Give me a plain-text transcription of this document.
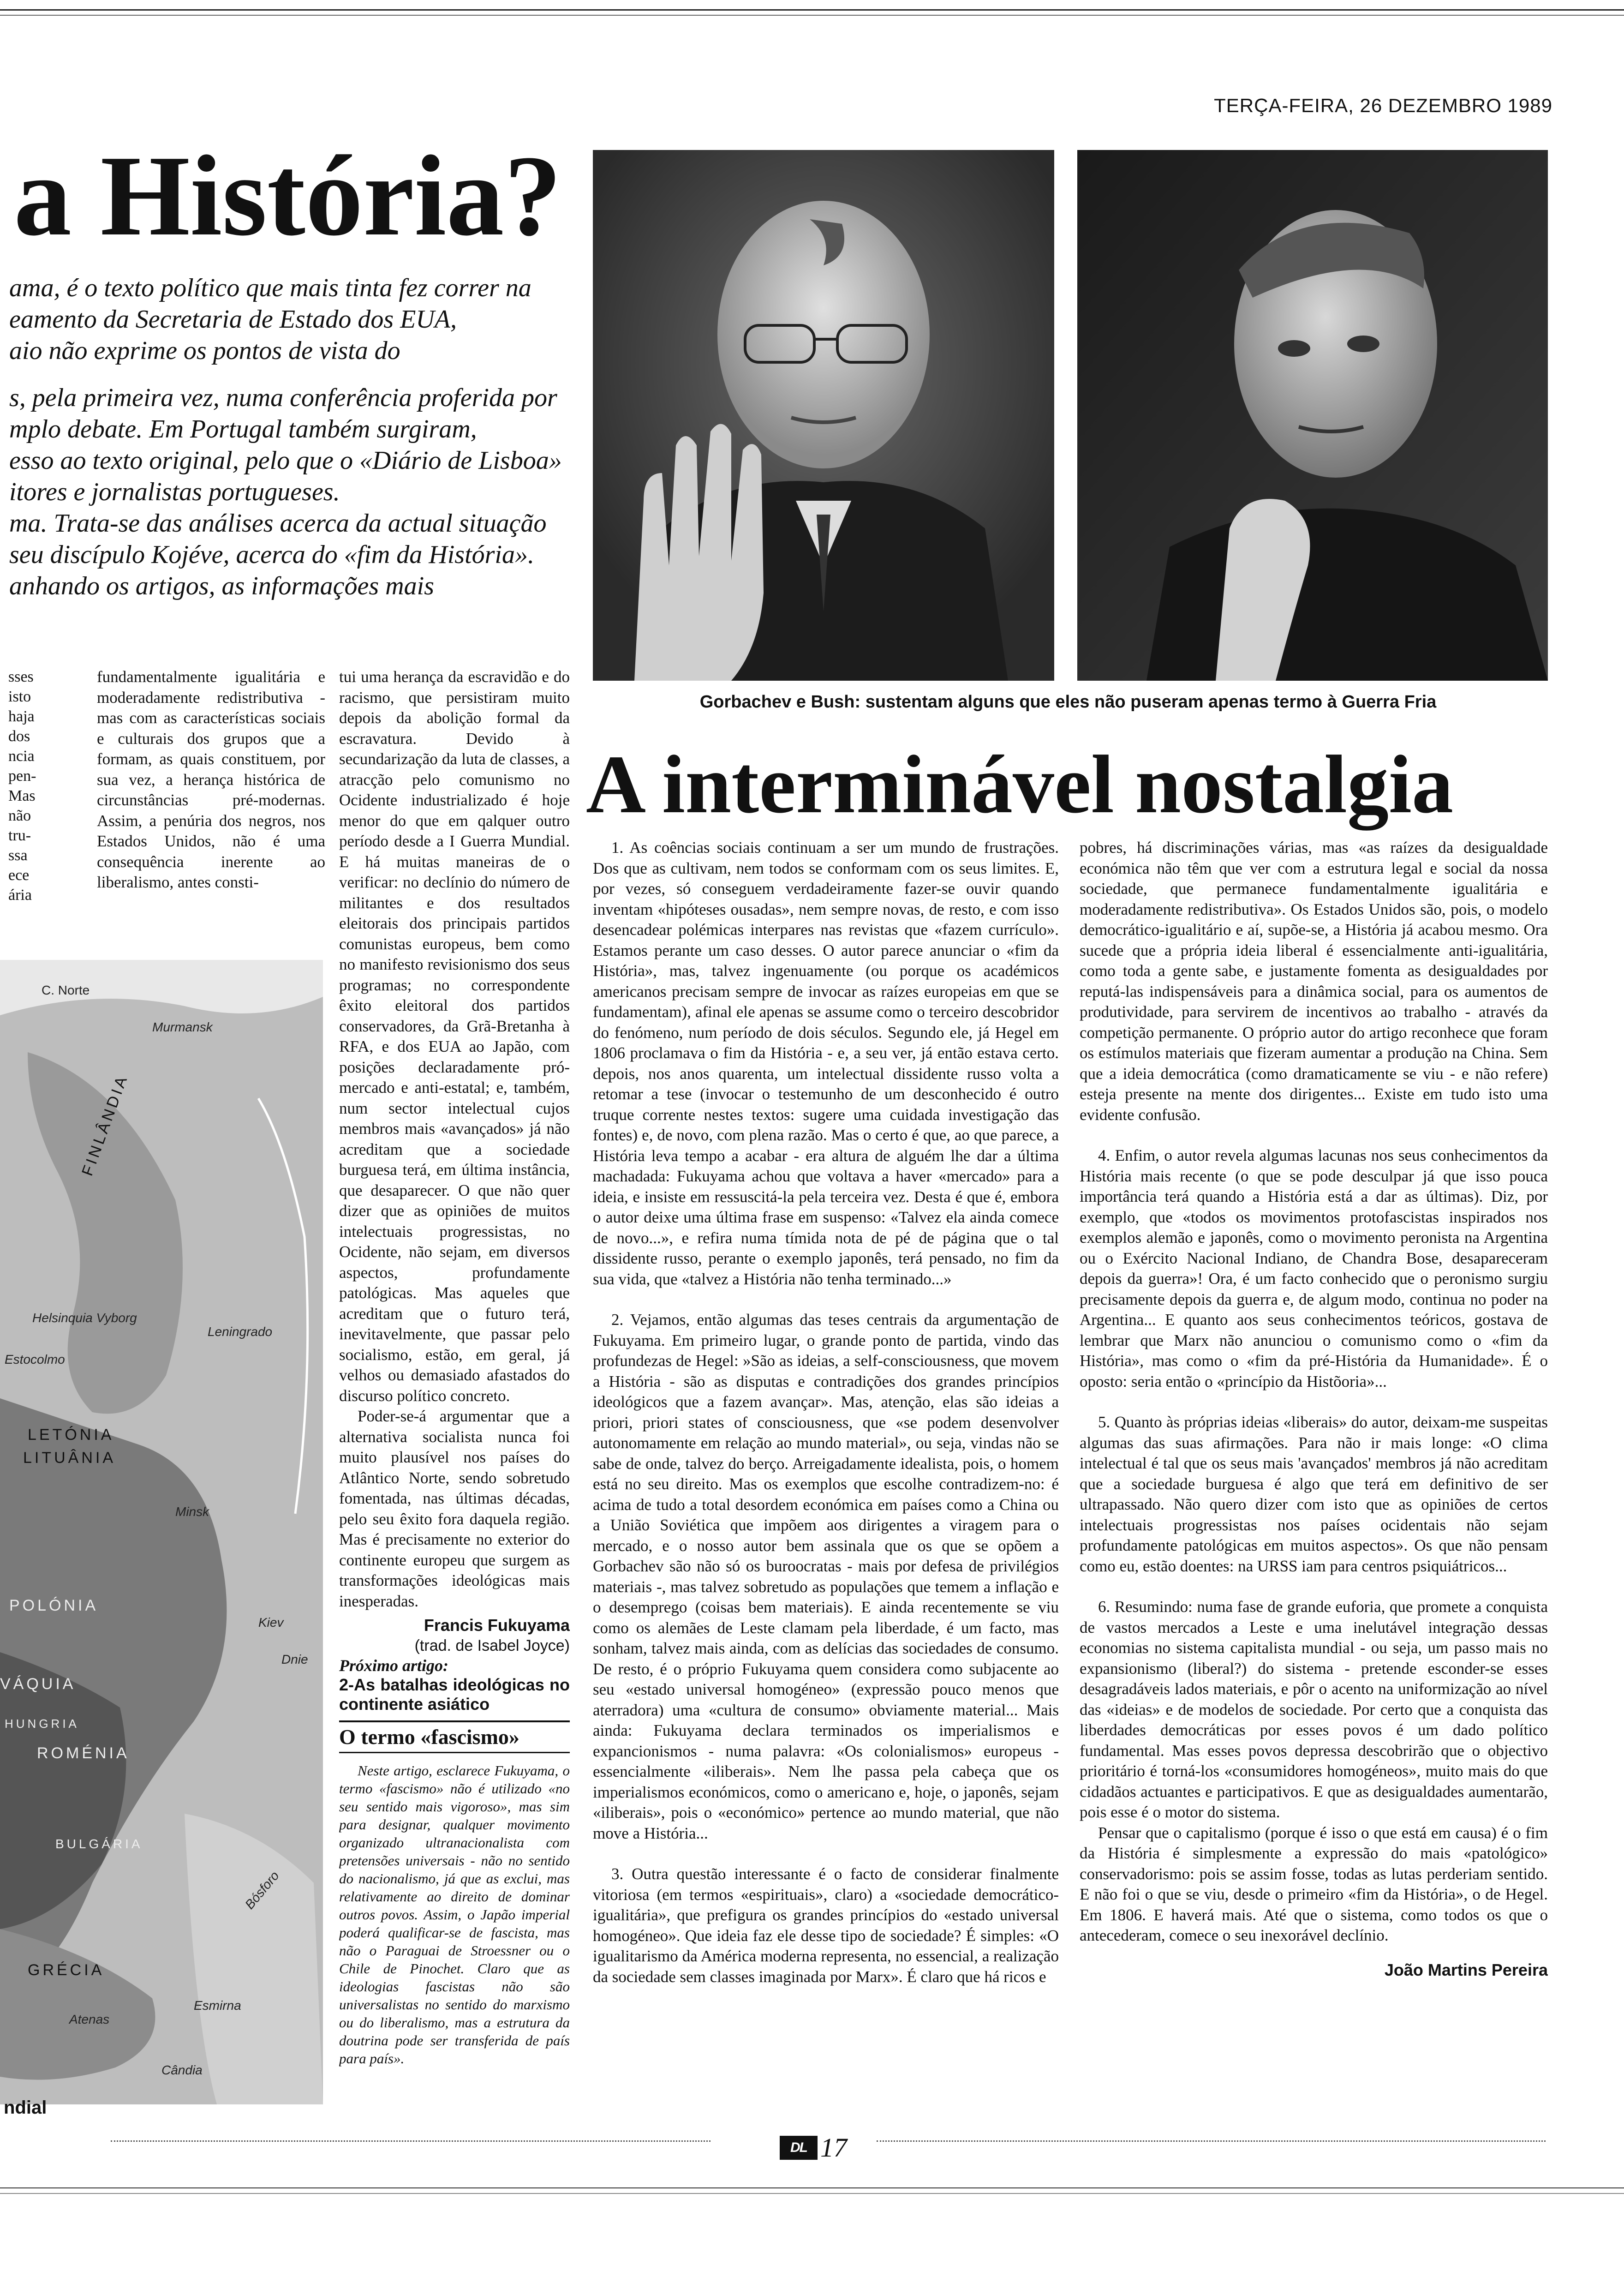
TERÇA-FEIRA, 26 DEZEMBRO 1989
a História?
ama, é o texto político que mais tinta fez correr na
eamento da Secretaria de Estado dos EUA,
aio não exprime os pontos de vista do
s, pela primeira vez, numa conferência proferida por
mplo debate. Em Portugal também surgiram,
esso ao texto original, pelo que o «Diário de Lisboa»
itores e jornalistas portugueses.
ma. Trata-se das análises acerca da actual situação
seu discípulo Kojéve, acerca do «fim da História».
anhando os artigos, as informações mais
Gorbachev e Bush: sustentam alguns que eles não puseram apenas termo à Guerra Fria
A interminável nostalgia
sses
isto
haja
dos
ncia
pen-
Mas
não
tru-
ssa
ece
ária

fundamentalmente igualitária e moderadamente redistributiva - mas com as características sociais e culturais dos grupos que a formam, as quais constituem, por sua vez, a herança histórica de circunstâncias pré-modernas. Assim, a penúria dos negros, nos Estados Unidos, não é uma consequência inerente ao liberalismo, antes consti-

C. Norte
Murmansk
FINLÂNDIA
Helsinquia Vyborg
Leningrado
Estocolmo
LETÓNIA
LITUÂNIA
Minsk
POLÓNIA
Kiev
Dnie
VÁQUIA
ROMÉNIA
HUNGRIA
BULGÁRIA
Bósforo
GRÉCIA
Atenas
Esmirna
Cândia
ndial

tui uma herança da escravidão e do racismo, que persistiram muito depois da abolição formal da escravatura. Devido à secundarização da luta de classes, a atracção pelo comunismo no Ocidente industrializado é hoje menor do que em qalquer outro período desde a I Guerra Mundial. E há muitas maneiras de o verificar: no declínio do número de militantes e dos resultados eleitorais dos principais partidos comunistas europeus, bem como no manifesto revisionismo dos seus programas; no correspondente êxito eleitoral dos partidos conservadores, da Grã-Bretanha à RFA, e dos EUA ao Japão, com posições declaradamente pró-mercado e anti-estatal; e, também, num sector intelectual cujos membros mais «avançados» já não acreditam que a sociedade burguesa terá, em última instância, que desaparecer. O que não quer dizer que as opiniões de muitos intelectuais progressistas, no Ocidente, não sejam, em diversos aspectos, profundamente patológicas. Mas aqueles que acreditam que o futuro terá, inevitavelmente, que passar pelo socialismo, estão, em geral, já velhos ou demasiado afastados do discurso político concreto.

Poder-se-á argumentar que a alternativa socialista nunca foi muito plausível nos países do Atlântico Norte, sendo sobretudo fomentada, nas últimas décadas, pelo seu êxito fora daquela região. Mas é precisamente no exterior do continente europeu que surgem as transformações ideológicas mais inesperadas.

Francis Fukuyama
(trad. de Isabel Joyce)
Próximo artigo:
2-As batalhas ideológicas no continente asiático
O termo «fascismo»
Neste artigo, esclarece Fukuyama, o termo «fascismo» não é utilizado «no seu sentido mais vigoroso», mas sim para designar, qualquer movimento organizado ultranacionalista com pretensões universais - não no sentido do nacionalismo, já que as exclui, mas relativamente ao direito de dominar outros povos. Assim, o Japão imperial poderá qualificar-se de fascista, mas não o Paraguai de Stroessner ou o Chile de Pinochet. Claro que as ideologias fascistas não são universalistas no sentido do marxismo ou do liberalismo, mas a estrutura da doutrina pode ser transferida de país para país».

1. As coências sociais continuam a ser um mundo de frustrações. Dos que as cultivam, nem todos se conformam com os seus limites. E, por vezes, só conseguem verdadeiramente fazer-se ouvir quando inventam «hipóteses ousadas», nem sempre novas, de resto, e com isso desencadear polémicas interpares nas revistas que «fazem currículo». Estamos perante um caso desses. O autor parece anunciar o «fim da História», mas, talvez ingenuamente (ou porque os académicos americanos precisam sempre de invocar as raízes europeias em que se fundamentam), afinal ele apenas se assume como o terceiro descobridor do fenómeno, num período de dois séculos. Segundo ele, já Hegel em 1806 proclamava o fim da História - e, a seu ver, já então estava certo. depois, nos anos quarenta, um intelectual dissidente russo volta a retomar a tese (invocar o testemunho de um desconhecido é outro truque corrente nestes textos: sugere uma cuidada investigação das fontes) e, de novo, com plena razão. Mas o certo é que, ao que parece, a História leva tempo a acabar - era altura de alguém lhe dar a última machadada: Fukuyama achou que voltava a haver «mercado» para a ideia, e insiste em ressuscitá-la pela terceira vez. Desta é que é, embora o autor deixe uma última frase em suspenso: «Talvez ela ainda comece de novo...», e refira numa tímida nota de pé de página que o tal dissidente russo, perante o exemplo japonês, terá pensado, no fim da sua vida, que «talvez a História não tenha terminado...»

2. Vejamos, então algumas das teses centrais da argumentação de Fukuyama. Em primeiro lugar, o grande ponto de partida, vindo das profundezas de Hegel: »São as ideias, a self-consciousness, que movem a História - são as disputas e contradições dos grandes princípios ideológicos que a fazem avançar». Mas, atenção, elas são ideias a priori, priori states of consciousness, que «se podem desenvolver autonomamente em relação ao mundo material», ou seja, vindas não se sabe de onde, talvez do berço. Arreigadamente idealista, pois, o homem está no seu direito. Mas os exemplos que escolhe contradizem-no: é acima de tudo a total desordem económica em países como a China ou a União Soviética que impõem aos dirigentes a viragem para o mercado, e o nosso autor bem assinala que os que se opõem a Gorbachev são não só os buroocratas - mais por defesa de privilégios materiais -, mas talvez sobretudo as populações que temem a inflação e o desemprego (coisas bem materiais). E ainda recentemente se viu como os alemães de Leste clamam pela liberdade, é um facto, mas sonham, talvez mais ainda, com as delícias das sociedades de consumo. De resto, é o próprio Fukuyama quem considera como subjacente ao seu «estado universal homogéneo» (expressão pouco menos que aterradora) uma «cultura de consumo» obviamente material... Mais ainda: Fukuyama declara terminados os imperialismos e expancionismos - numa palavra: «Os colonialismos» europeus - essencialmente «iliberais». Nem lhe passa pela cabeça que os imperialismos económicos, como o americano e, hoje, o japonês, sejam «iliberais», pois o «económico» pertence ao mundo material, que não move a História...

3. Outra questão interessante é o facto de considerar finalmente vitoriosa (em termos «espirituais», claro) a «sociedade democrático-igualitária», que prefigura os grandes princípios do «estado universal homogéneo». Que ideia faz ele desse tipo de sociedade? É simples: «O igualitarismo da América moderna representa, no essencial, a realização da sociedade sem classes imaginada por Marx». É claro que há ricos e

pobres, há discriminações várias, mas «as raízes da desigualdade económica não têm que ver com a estrutura legal e social da nossa sociedade, que permanece fundamentalmente igualitária e moderadamente redistributiva». Os Estados Unidos são, pois, o modelo democrático-igualitário e aí, supõe-se, a História já acabou mesmo. Ora sucede que a própria ideia liberal é essencialmente anti-igualitária, como toda a gente sabe, e justamente fomenta as desigualdades por reputá-las indispensáveis para a dinâmica social, para os aumentos de produtividade, para servirem de incentivos ao trabalho - através da competição permanente. O próprio autor do artigo reconhece que foram os estímulos materiais que fizeram aumentar a produção na China. Sem que a ideia democrática (como dramaticamente se viu - e não refere) esteja presente na mente dos dirigentes... Existe em tudo isto uma evidente confusão.

4. Enfim, o autor revela algumas lacunas nos seus conhecimentos da História mais recente (o que se pode desculpar já que isso pouca importância terá quando a História está a dar as últimas). Diz, por exemplo, que «todos os movimentos protofascistas inspirados nos exemplos alemão e japonês, como o movimento peronista na Argentina ou o Exército Nacional Indiano, de Chandra Bose, desapareceram depois da guerra»! Ora, é um facto conhecido que o peronismo surgiu precisamente depois da guerra e, de algum modo, continua no poder na Argentina... E quanto aos seus conhecimentos teóricos, gostava de lembrar que Marx não anunciou o comunismo como o «fim da História», mas como o «fim da pré-História da Humanidade». É o oposto: seria então o «princípio da Histõoria»...

5. Quanto às próprias ideias «liberais» do autor, deixam-me suspeitas algumas das suas afirmações. Para não ir mais longe: «O clima intelectual é tal que os seus mais 'avançados' membros já não acreditam que a sociedade burguesa é algo que terá em definitivo de ser ultrapassado. Não quero dizer com isto que as opiniões de certos intelectuais progressistas nos países ocidentais não sejam profundamente patológicas em muitos aspectos». Os que não pensam como eu, estão doentes: na URSS iam para centros psiquiátricos...

6. Resumindo: numa fase de grande euforia, que promete a conquista de vastos mercados a Leste e uma inelutável integração dessas economias no sistema capitalista mundial - ou seja, um passo mais no expansionismo (liberal?) do sistema - pretende esconder-se esses desagradáveis lados materiais, e pôr o acento na uniformização ao nível das «ideias» e de modelos de sociedade. Por certo que a conquista das liberdades democráticas por esses povos é um dado político fundamental. Mas esses povos depressa descobrirão que o objectivo prioritário é torná-los «consumidores homogéneos», muito mais do que cidadãos actuantes e participativos. E que as desigualdades aumentarão, pois esse é o motor do sistema.

Pensar que o capitalismo (porque é isso o que está em causa) é o fim da História é simplesmente a expressão do mais «patológico» conservadorismo: pois se assim fosse, todas as lutas perderiam sentido. E não foi o que se viu, desde o primeiro «fim da História», o de Hegel. Em 1806. E haverá mais. Até que o sistema, como todos os que o antecederam, comece o seu inexorável declínio.

João Martins Pereira
DL 17
